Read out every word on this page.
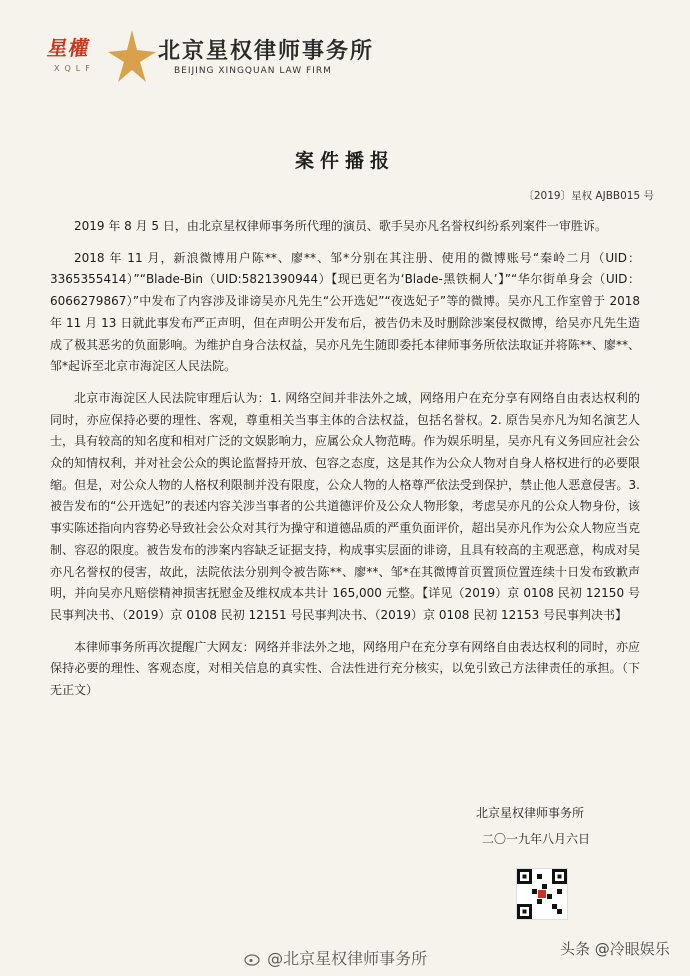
星權
XQLF
北京星权律师事务所
BEIJING XINGQUAN LAW FIRM
案件播报
〔2019〕星权 AJBB015 号

2019 年 8 月 5 日，由北京星权律师事务所代理的演员、歌手吴亦凡名誉权纠纷系列案件一审胜诉。

2018 年 11 月，新浪微博用户陈**、廖**、邹*分别在其注册、使用的微博账号“秦岭二月（UID：3365355414）”“Blade-Bin（UID:5821390944）【现已更名为‘Blade-黑铁桐人’】”“华尔街单身会（UID：6066279867）”中发布了内容涉及诽谤吴亦凡先生“公开选妃”“夜选妃子”等的微博。吴亦凡工作室曾于 2018 年 11 月 13 日就此事发布严正声明，但在声明公开发布后，被告仍未及时删除涉案侵权微博，给吴亦凡先生造成了极其恶劣的负面影响。为维护自身合法权益，吴亦凡先生随即委托本律师事务所依法取证并将陈**、廖**、邹*起诉至北京市海淀区人民法院。

北京市海淀区人民法院审理后认为：1. 网络空间并非法外之域，网络用户在充分享有网络自由表达权利的同时，亦应保持必要的理性、客观，尊重相关当事主体的合法权益，包括名誉权。2. 原告吴亦凡为知名演艺人士，具有较高的知名度和相对广泛的文娱影响力，应属公众人物范畴。作为娱乐明星，吴亦凡有义务回应社会公众的知情权利，并对社会公众的舆论监督持开放、包容之态度，这是其作为公众人物对自身人格权进行的必要限缩。但是，对公众人物的人格权利限制并没有限度，公众人物的人格尊严依法受到保护，禁止他人恶意侵害。3. 被告发布的“公开选妃”的表述内容关涉当事者的公共道德评价及公众人物形象，考虑吴亦凡的公众人物身份，该事实陈述指向内容势必导致社会公众对其行为操守和道德品质的严重负面评价，超出吴亦凡作为公众人物应当克制、容忍的限度。被告发布的涉案内容缺乏证据支持，构成事实层面的诽谤，且具有较高的主观恶意，构成对吴亦凡名誉权的侵害，故此，法院依法分别判令被告陈**、廖**、邹*在其微博首页置顶位置连续十日发布致歉声明，并向吴亦凡赔偿精神损害抚慰金及维权成本共计 165,000 元整。【详见（2019）京 0108 民初 12150 号民事判决书、（2019）京 0108 民初 12151 号民事判决书、（2019）京 0108 民初 12153 号民事判决书】

本律师事务所再次提醒广大网友：网络并非法外之地，网络用户在充分享有网络自由表达权利的同时，亦应保持必要的理性、客观态度，对相关信息的真实性、合法性进行充分核实，以免引致己方法律责任的承担。（下无正文）

北京星权律师事务所
二〇一九年八月六日
@北京星权律师事务所	头条 @冷眼娱乐
